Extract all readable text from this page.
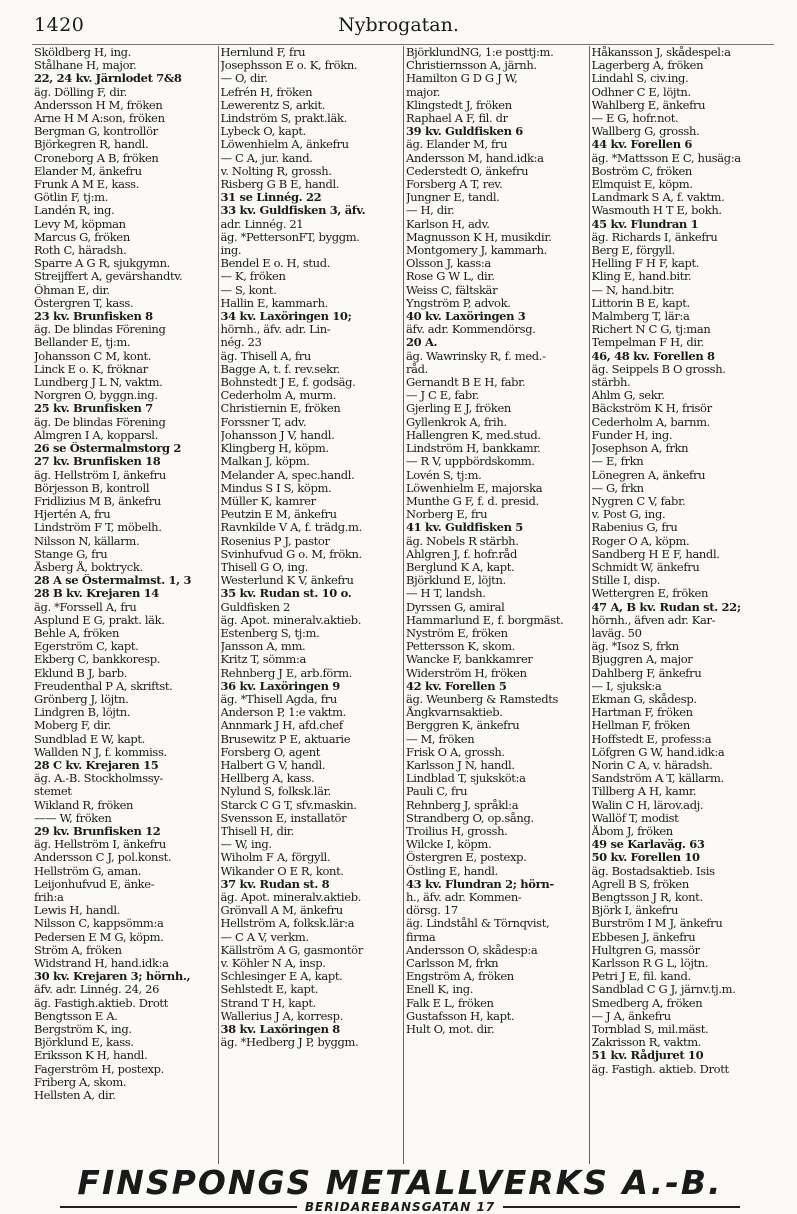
1420	Nybrogatan.
Sköldberg H, ing.
Stålhane H, major.
22, 24 kv. Järnlodet 7&8
äg. Dölling F, dir.
Andersson H M, fröken
Arne H M A:son, fröken
Bergman G, kontrollör
Björkegren R, handl.
Croneborg A B, fröken
Elander M, änkefru
Frunk A M E, kass.
Götlin F, tj:m.
Landén R, ing.
Levy M, köpman
Marcus G, fröken
Roth C, häradsh.
Sparre A G R, sjukgymn.
Streijffert A, gevärshandtv.
Öhman E, dir.
Östergren T, kass.
23 kv. Brunfisken 8
äg. De blindas Förening
Bellander E, tj:m.
Johansson C M, kont.
Linck E o. K, fröknar
Lundberg J L N, vaktm.
Norgren O, byggn.ing.
25 kv. Brunfisken 7
äg. De blindas Förening
Almgren I A, kopparsl.
26 se Östermalmstorg 2
27 kv. Brunfisken 18
äg. Hellström I, änkefru
Börjesson B, kontroll
Fridlizius M B, änkefru
Hjertén A, fru
Lindström F T, möbelh.
Nilsson N, källarm.
Stange G, fru
Åsberg Å, boktryck.
28 A se Östermalmst. 1, 3
28 B kv. Krejaren 14
äg. *Forssell A, fru
Asplund E G, prakt. läk.
Behle A, fröken
Egerström C, kapt.
Ekberg C, bankkoresp.
Eklund B J, barb.
Freudenthal P A, skriftst.
Grönberg J, löjtn.
Lindgren B, löjtn.
Moberg F, dir.
Sundblad E W, kapt.
Wallden N J, f. kommiss.
28 C kv. Krejaren 15
äg. A.-B. Stockholmssy-
stemet
Wikland R, fröken
—— W, fröken
29 kv. Brunfisken 12
äg. Hellström I, änkefru
Andersson C J, pol.konst.
Hellström G, aman.
Leijonhufvud E, änke-
frih:a
Lewis H, handl.
Nilsson C, kappsömm:a
Pedersen E M G, köpm.
Ström A, fröken
Widstrand H, hand.idk:a
30 kv. Krejaren 3; hörnh.,
äfv. adr. Linnég. 24, 26
äg. Fastigh.aktieb. Drott
Bengtsson E A.
Bergström K, ing.
Björklund E, kass.
Eriksson K H, handl.
Fagerström H, postexp.
Friberg A, skom.
Hellsten A, dir.
Hernlund F, fru
Josephsson E o. K, frökn.
— O, dir.
Lefrén H, fröken
Lewerentz S, arkit.
Lindström S, prakt.läk.
Lybeck O, kapt.
Löwenhielm A, änkefru
— C A, jur. kand.
v. Nolting R, grossh.
Risberg G B E, handl.
31 se Linnég. 22
33 kv. Guldfisken 3, äfv.
adr. Linnég. 21
äg. *PettersonFT, byggm.
ing.
Bendel E o. H, stud.
— K, fröken
— S, kont.
Hallin E, kammarh.
34 kv. Laxöringen 10;
hörnh., äfv. adr. Lin-
nég. 23
äg. Thisell A, fru
Bagge A, t. f. rev.sekr.
Bohnstedt J E, f. godsäg.
Cederholm A, murm.
Christiernin E, fröken
Forssner T, adv.
Johansson J V, handl.
Klingberg H, köpm.
Malkan J, köpm.
Melander A, spec.handl.
Mindus S I S, köpm.
Müller K, kamrer
Peutzin E M, änkefru
Ravnkilde V A, f. trädg.m.
Rosenius P J, pastor
Svinhufvud G o. M, frökn.
Thisell G O, ing.
Westerlund K V, änkefru
35 kv. Rudan st. 10 o.
Guldfisken 2
äg. Apot. mineralv.aktieb.
Estenberg S, tj:m.
Jansson A, mm.
Kritz T, sömm:a
Rehnberg J E, arb.förm.
36 kv. Laxöringen 9
äg. *Thisell Agda, fru
Anderson P, 1:e vaktm.
Annmark J H, afd.chef
Brusewitz P E, aktuarie
Forsberg O, agent
Halbert G V, handl.
Hellberg A, kass.
Nylund S, folksk.lär.
Starck C G T, sfv.maskin.
Svensson E, installatör
Thisell H, dir.
— W, ing.
Wiholm F A, förgyll.
Wikander O E R, kont.
37 kv. Rudan st. 8
äg. Apot. mineralv.aktieb.
Grönvall A M, änkefru
Hellström A, folksk.lär:a
— C A V, verkm.
Källström A G, gasmontör
v. Köhler N A, insp.
Schlesinger E A, kapt.
Sehlstedt E, kapt.
Strand T H, kapt.
Wallerius J A, korresp.
38 kv. Laxöringen 8
äg. *Hedberg J P, byggm.
BjörklundNG, 1:e posttj:m.
Christiernsson A, järnh.
Hamilton G D G J W,
major.
Klingstedt J, fröken
Raphael A F, fil. dr
39 kv. Guldfisken 6
äg. Elander M, fru
Andersson M, hand.idk:a
Cederstedt O, änkefru
Forsberg A T, rev.
Jungner E, tandl.
— H, dir.
Karlson H, adv.
Magnusson K H, musikdir.
Montgomery J, kammarh.
Olsson J, kass:a
Rose G W L, dir.
Weiss C, fältskär
Yngström P, advok.
40 kv. Laxöringen 3
äfv. adr. Kommendörsg.
20 A.
äg. Wawrinsky R, f. med.-
råd.
Gernandt B E H, fabr.
— J C E, fabr.
Gjerling E J, fröken
Gyllenkrok A, frih.
Hallengren K, med.stud.
Lindström H, bankkamr.
— R V, uppbördskomm.
Lovén S, tj:m.
Löwenhielm E, majorska
Munthe G F, f. d. presid.
Norberg E, fru
41 kv. Guldfisken 5
äg. Nobels R stärbh.
Ahlgren J, f. hofr.råd
Berglund K A, kapt.
Björklund E, löjtn.
— H T, landsh.
Dyrssen G, amiral
Hammarlund E, f. borgmäst.
Nyström E, fröken
Pettersson K, skom.
Wancke F, bankkamrer
Widerström H, fröken
42 kv. Forellen 5
äg. Weunberg & Ramstedts
Ångkvarnsaktieb.
Berggren K, änkefru
— M, fröken
Frisk O A, grossh.
Karlsson J N, handl.
Lindblad T, sjuksköt:a
Pauli C, fru
Rehnberg J, språkl:a
Strandberg O, op.sång.
Troilius H, grossh.
Wilcke I, köpm.
Östergren E, postexp.
Östling E, handl.
43 kv. Flundran 2; hörn-
h., äfv. adr. Kommen-
dörsg. 17
äg. Lindståhl & Törnqvist,
firma
Andersson O, skådesp:a
Carlsson M, frkn
Engström A, fröken
Enell K, ing.
Falk E L, fröken
Gustafsson H, kapt.
Hult O, mot. dir.
Håkansson J, skådespel:a
Lagerberg A, fröken
Lindahl S, civ.ing.
Odhner C E, löjtn.
Wahlberg E, änkefru
— E G, hofr.not.
Wallberg G, grossh.
44 kv. Forellen 6
äg. *Mattsson E C, husäg:a
Boström C, fröken
Elmquist E, köpm.
Landmark S A, f. vaktm.
Wasmouth H T E, bokh.
45 kv. Flundran 1
äg. Richards I, änkefru
Berg E, förgyll.
Helling F H F, kapt.
Kling E, hand.bitr.
— N, hand.bitr.
Littorin B E, kapt.
Malmberg T, lär:a
Richert N C G, tj:man
Tempelman F H, dir.
46, 48 kv. Forellen 8
äg. Seippels B O grossh.
stärbh.
Ahlm G, sekr.
Bäckström K H, frisör
Cederholm A, barnm.
Funder H, ing.
Josephson A, frkn
— E, frkn
Lönegren A, änkefru
— G, frkn
Nygren C V, fabr.
v. Post G, ing.
Rabenius G, fru
Roger O A, köpm.
Sandberg H E F, handl.
Schmidt W, änkefru
Stille I, disp.
Wettergren E, fröken
47 A, B kv. Rudan st. 22;
hörnh., äfven adr. Kar-
laväg. 50
äg. *Isoz S, frkn
Bjuggren A, major
Dahlberg F, änkefru
— I, sjuksk:a
Ekman G, skådesp.
Hartman F, fröken
Hellman F, fröken
Hoffstedt E, profess:a
Löfgren G W, hand.idk:a
Norin C A, v. häradsh.
Sandström A T, källarm.
Tillberg A H, kamr.
Walin C H, lärov.adj.
Wallöf T, modist
Åbom J, fröken
49 se Karlaväg. 63
50 kv. Forellen 10
äg. Bostadsaktieb. Isis
Agrell B S, fröken
Bengtsson J R, kont.
Björk I, änkefru
Burström I M J, änkefru
Ebbesen J, änkefru
Hultgren G, massör
Karlsson R G L, löjtn.
Petri J E, fil. kand.
Sandblad C G J, järnv.tj.m.
Smedberg A, fröken
— J A, änkefru
Tornblad S, mil.mäst.
Zakrisson R, vaktm.
51 kv. Rådjuret 10
äg. Fastigh. aktieb. Drott
FINSPONGS METALLVERKS A.-B.
BERIDAREBANSGATAN 17
